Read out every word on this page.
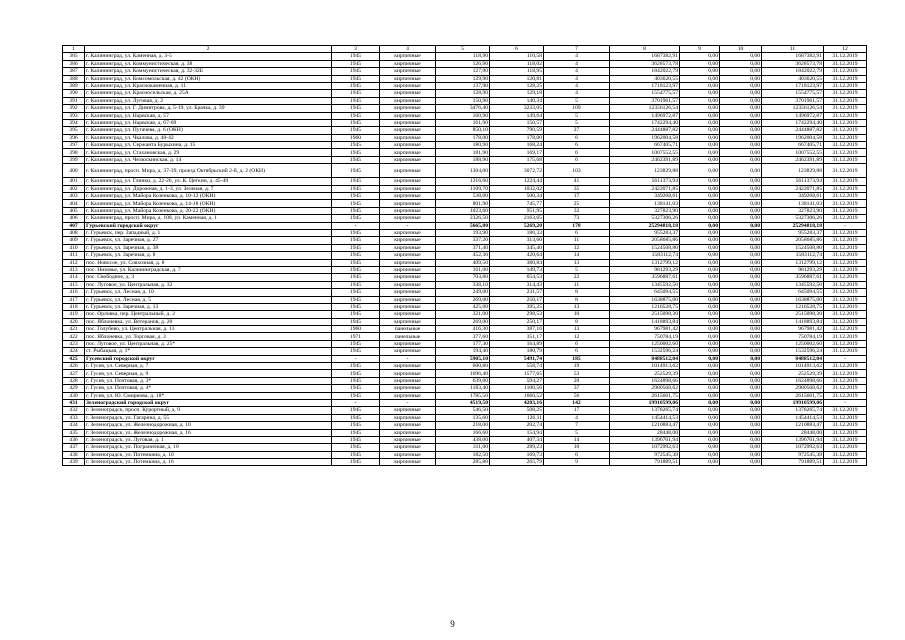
1	2	3	4	5	6	7	8	9	10	11	12
385	г. Калининград, ул. Каменная, д. 3-5	1945	кирпичные	118,90	110,58	4	1687382,91	0,00	0,00	1687382,91	31.12.2019
386	г. Калининград, ул. Коммунистическая, д. 38	1945	кирпичные	126,90	118,02	4	3628573,78	0,00	0,00	3628573,78	31.12.2019
387	г. Калининград, ул. Коммунистическая, д. 32-32Б	1945	кирпичные	127,90	118,95	4	1842022,79	0,00	0,00	1842022,79	31.12.2019
388	г. Калининград, ул. Комсомольская, д. 42 (ОКН)	1945	кирпичные	129,90	120,81	4	403620,55	0,00	0,00	403620,55	31.12.2019
389	г. Калининград, ул. Краснокаменная, д. 11	1945	кирпичные	137,90	128,25	4	1718123,97	0,00	0,00	1718123,97	31.12.2019
390	г. Калининград, ул. Красносельская, д. 25А	1945	кирпичные	128,90	129,18	4	1554775,57	0,00	0,00	1554775,57	31.12.2019
391	г. Калининград, ул. Луговая, д. 2	1945	кирпичные	150,90	140,34	5	3701961,57	0,00	0,00	3701961,57	31.12.2019
392	г. Калининград, ул. Г. Димитрова, д. 5-19, ул. Брачка, д. 39	1945	кирпичные	3476,40	3233,05	109	12356126,54	0,00	0,00	12356126,54	31.12.2019
393	г. Калининград, ул. Нарвская, д. 57	1945	кирпичные	160,90	149,64	5	1496972,87	0,00	0,00	1496972,87	31.12.2019
394	г. Калининград, ул. Нарвская, д. 67-69	1945	кирпичные	161,90	150,57	5	1742294,40	0,00	0,00	1742294,40	31.12.2019
395	г. Калининград, ул. Пугачева, д. 6 (ОКН)	1945	кирпичные	850,10	790,59	27	2444887,82	0,00	0,00	2444887,82	31.12.2019
396	г. Калининград, ул. Чкалова, д. 40-42	1960	кирпичные	178,00	178,00	6	1962004,58	0,00	0,00	1962004,58	31.12.2019
397	г. Калининград, ул. Сержанта Бурыхина, д. 15	1945	кирпичные	180,90	168,24	6	667405,71	0,00	0,00	667405,71	31.12.2019
398	г. Калининград, ул. Стахановская, д. 29	1945	кирпичные	181,90	169,17	6	1007552,55	0,00	0,00	1007552,55	31.12.2019
399	г. Калининград, ул. Челюскинская, д. 14	1945	кирпичные	188,90	175,68	6	2462391,89	0,00	0,00	2462391,89	31.12.2019
400	г. Калининград, просп. Мира, д. 37-39, проезд Октябрьский 2-й, д. 2 (ОКН)	1945	кирпичные	1304,00	3072,72	103	123829,88	0,00	0,00	123829,88	31.12.2019
401	г. Калининград, ул. Глинки, д. 22-26, ул. К. Цеткин, д. 45-49	1945	кирпичные	1316,60	1224,44	41	5611373,94	0,00	0,00	5611373,94	31.12.2019
402	г. Калининград, ул. Дорожная, д. 1-3, ул. Зеленая, д. 7	1945	кирпичные	1109,70	1032,02	35	2422071,85	0,00	0,00	2422071,85	31.12.2019
403	г. Калининград, ул. Майора Козенкова, д. 10-12 (ОКН)	1945	кирпичные	538,00	500,34	17	349268,61	0,00	0,00	349268,61	31.12.2019
404	г. Калининград, ул. Майора Козенкова, д. 14-18 (ОКН)	1945	кирпичные	801,90	745,77	25	138141,03	0,00	0,00	138141,03	31.12.2019
405	г. Калининград, ул. Майора Козенкова, д. 20-22 (ОКН)	1945	кирпичные	1023,60	951,95	32	327823,90	0,00	0,00	327823,90	31.12.2019
406	г. Калининград, просп. Мира, д. 108, ул. Каменная, д. 1	1945	кирпичные	2326,50	2163,65	73	5327306,26	0,00	0,00	5327306,26	31.12.2019
407	Гурьевский городской округ	-	-	5665,80	5269,20	178	25294818,18	0,00	0,00	25294818,18	-
408	г. Гурьевск, пер. Западный, д. 1	1945	кирпичные	193,90	180,33	6	955283,37	0,00	0,00	955283,37	31.12.2019
409	г. Гурьевск, ул. Заречная, д. 27	1945	кирпичные	337,20	313,60	11	2058685,86	0,00	0,00	2058685,86	31.12.2019
410	г. Гурьевск, ул. Заречная, д. 38	1945	кирпичные	371,40	345,40	12	1524508,80	0,00	0,00	1524508,80	31.12.2019
411	г. Гурьевск, ул. Заречная, д. 8	1945	кирпичные	452,30	420,64	14	1583112,74	0,00	0,00	1583112,74	31.12.2019
412	пос. Новосое, ул. Совхозная, д. 8	1945	кирпичные	409,50	380,84	13	1312799,12	0,00	0,00	1312799,12	31.12.2019
413	пос. Низовье, ул. Калининградская, д. 7	1945	кирпичные	161,00	149,73	5	981293,29	0,00	0,00	981293,29	31.12.2019
414	пос. Свободное, д. 3	1945	кирпичные	703,80	654,53	22	3596887,61	0,00	0,00	3596887,61	31.12.2019
415	пос. Луговое, ул. Центральная, д. 32	1945	кирпичные	338,10	314,43	11	1345592,50	0,00	0,00	1345592,50	31.12.2019
416	г. Гурьевск, ул. Лесная, д. 10	1945	кирпичные	249,00	231,57	8	645094,55	0,00	0,00	645094,55	31.12.2019
417	г. Гурьевск, ул. Лесная, д. 5	1945	кирпичные	269,00	250,17	8	1638875,00	0,00	0,00	1638875,00	31.12.2019
418	г. Гурьевск, ул. Заречная, д. 13	1945	кирпичные	425,00	395,25	13	1216528,75	0,00	0,00	1216528,75	31.12.2019
419	пос. Орловка, пер. Центральный, д. 2	1945	кирпичные	321,00	298,53	10	2515098,30	0,00	0,00	2515098,30	31.12.2019
420	пос. Яблоневка, ул. Ветеранов, д. 20	1945	кирпичные	269,00	250,17	8	1418893,84	0,00	0,00	1418893,84	31.12.2019
421	пос. Голубево, ул. Центральная, д. 13	1960	панельные	416,30	387,16	13	967981,42	0,00	0,00	967981,42	31.12.2019
422	пос. Яблоневка, ул. Торговая, д. 3	1971	панельные	377,60	351,17	12	750784,19	0,00	0,00	750784,19	31.12.2019
423	пос. Луговое, ул. Центральная, д. 25*	1945	кирпичные	177,30	164,89	6	1250002,60	0,00	0,00	1250002,60	31.12.2019
424	ст. Рыбацкая, д. 1*	1945	кирпичные	194,40	180,79	6	1532596,24	0,00	0,00	1532596,24	31.12.2019
425	Гусевский городской округ	-	-	5905,10	5491,74	185	8488512,04	0,00	0,00	8488512,04	-
426	г. Гусев, ул. Северная, д. 7	1945	кирпичные	600,80	558,74	19	1014913,62	0,00	0,00	1014913,62	31.12.2019
427	г. Гусев, ул. Северная, д. 9	1945	кирпичные	1696,40	1577,65	53	252529,39	0,00	0,00	252529,39	31.12.2019
428	г. Гусев, ул. Почтовая, д. 3*	1945	кирпичные	639,00	594,27	20	1624898,66	0,00	0,00	1624898,66	31.12.2019
429	г. Гусев, ул. Почтовая, д. 4*	1945	кирпичные	1183,40	1100,56	37	2980568,62	0,00	0,00	2980568,62	31.12.2019
430	г. Гусев, ул. Ю. Смирнова, д. 18*	1945	кирпичные	1785,50	1660,52	56	2615601,75	0,00	0,00	2615601,75	31.12.2019
431	Зеленоградский городской округ	-	-	4519,50	4203,16	142	19910599,06	0,00	0,00	19910599,06	-
432	г. Зеленоградск, просп. Курортный, д. 9	1945	кирпичные	546,50	508,25	17	1378265,74	0,00	0,00	1378265,74	31.12.2019
433	г. Зеленоградск, ул. Гагарина, д. 55	1945	кирпичные	135,60	126,11	4	1454414,53	0,00	0,00	1454414,53	31.12.2019
434	г. Зеленоградск, ул. Железнодорожная, д. 10	1945	кирпичные	218,00	202,74	7	1210883,47	0,00	0,00	1210883,47	31.12.2019
435	г. Зеленоградск, ул. Железнодорожная, д. 16	1945	кирпичные	166,60	154,94	5	28448,00	0,00	0,00	28448,00	31.12.2019
436	г. Зеленоградск, ул. Луговая, д. 1	1945	кирпичные	438,00	407,34	14	1396701,94	0,00	0,00	1396701,94	31.12.2019
437	г. Зеленоградск, ул. Пограничная, д. 10	1945	кирпичные	311,00	289,23	10	1072992,63	0,00	0,00	1072992,63	31.12.2019
438	г. Зеленоградск, ул. Потемкина, д. 10	1945	кирпичные	182,50	169,73	6	972545,38	0,00	0,00	972545,38	31.12.2019
439	г. Зеленоградск, ул. Потемкина, д. 16	1945	кирпичные	285,80	265,79	9	791889,51	0,00	0,00	791889,51	31.12.2019
9
